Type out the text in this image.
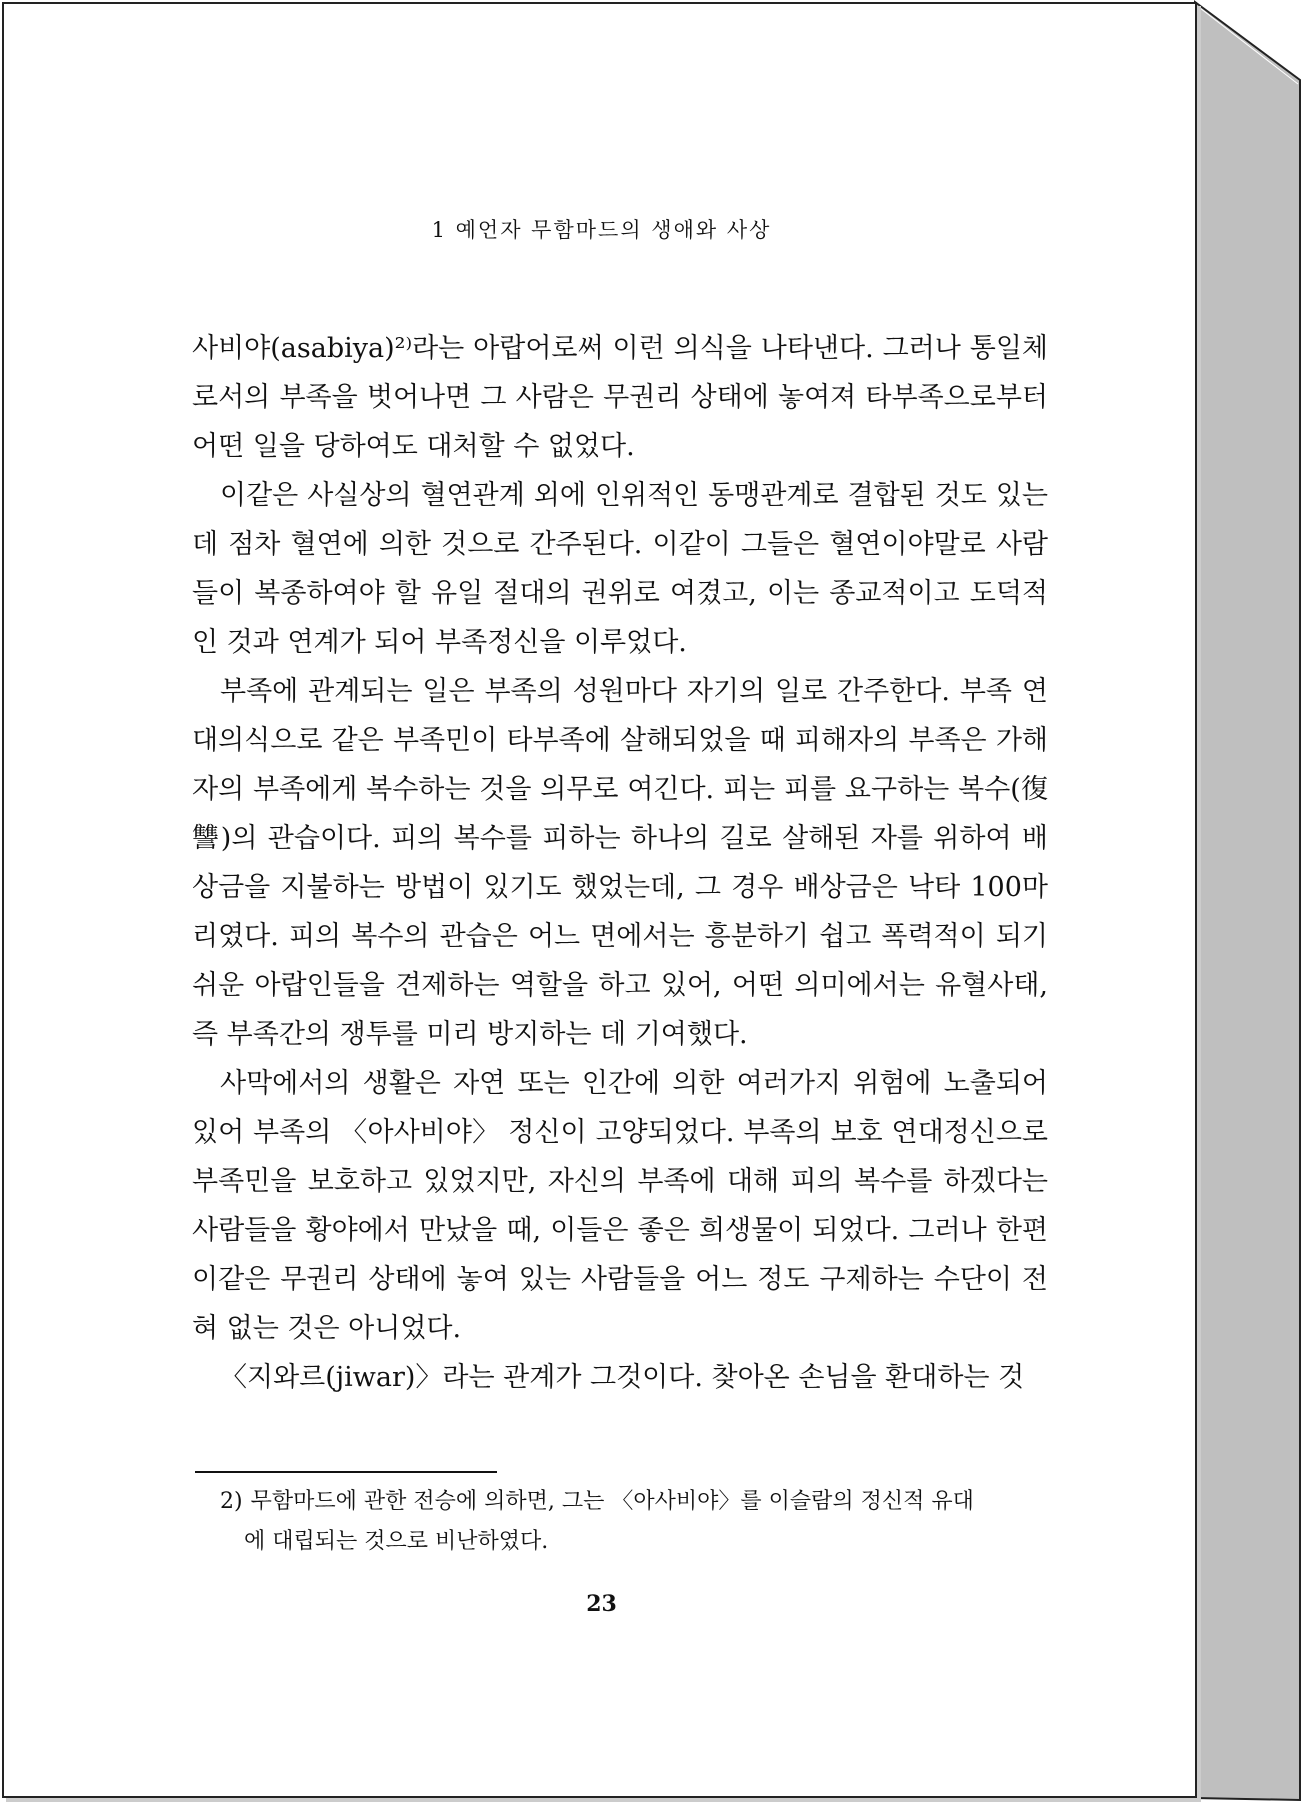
1 예언자 무함마드의 생애와 사상

사비야(asabiya)²⁾라는 아랍어로써 이런 의식을 나타낸다. 그러나 통일체로서의 부족을 벗어나면 그 사람은 무권리 상태에 놓여져 타부족으로부터 어떤 일을 당하여도 대처할 수 없었다.

이같은 사실상의 혈연관계 외에 인위적인 동맹관계로 결합된 것도 있는데 점차 혈연에 의한 것으로 간주된다. 이같이 그들은 혈연이야말로 사람들이 복종하여야 할 유일 절대의 권위로 여겼고, 이는 종교적이고 도덕적인 것과 연계가 되어 부족정신을 이루었다.

부족에 관계되는 일은 부족의 성원마다 자기의 일로 간주한다. 부족 연대의식으로 같은 부족민이 타부족에 살해되었을 때 피해자의 부족은 가해자의 부족에게 복수하는 것을 의무로 여긴다. 피는 피를 요구하는 복수(復讐)의 관습이다. 피의 복수를 피하는 하나의 길로 살해된 자를 위하여 배상금을 지불하는 방법이 있기도 했었는데, 그 경우 배상금은 낙타 100마리였다. 피의 복수의 관습은 어느 면에서는 흥분하기 쉽고 폭력적이 되기 쉬운 아랍인들을 견제하는 역할을 하고 있어, 어떤 의미에서는 유혈사태, 즉 부족간의 쟁투를 미리 방지하는 데 기여했다.

사막에서의 생활은 자연 또는 인간에 의한 여러가지 위험에 노출되어 있어 부족의 〈아사비야〉 정신이 고양되었다. 부족의 보호 연대정신으로 부족민을 보호하고 있었지만, 자신의 부족에 대해 피의 복수를 하겠다는 사람들을 황야에서 만났을 때, 이들은 좋은 희생물이 되었다. 그러나 한편 이같은 무권리 상태에 놓여 있는 사람들을 어느 정도 구제하는 수단이 전혀 없는 것은 아니었다.

〈지와르(jiwar)〉라는 관계가 그것이다. 찾아온 손님을 환대하는 것

2) 무함마드에 관한 전승에 의하면, 그는 〈아사비야〉를 이슬람의 정신적 유대
에 대립되는 것으로 비난하였다.
23
